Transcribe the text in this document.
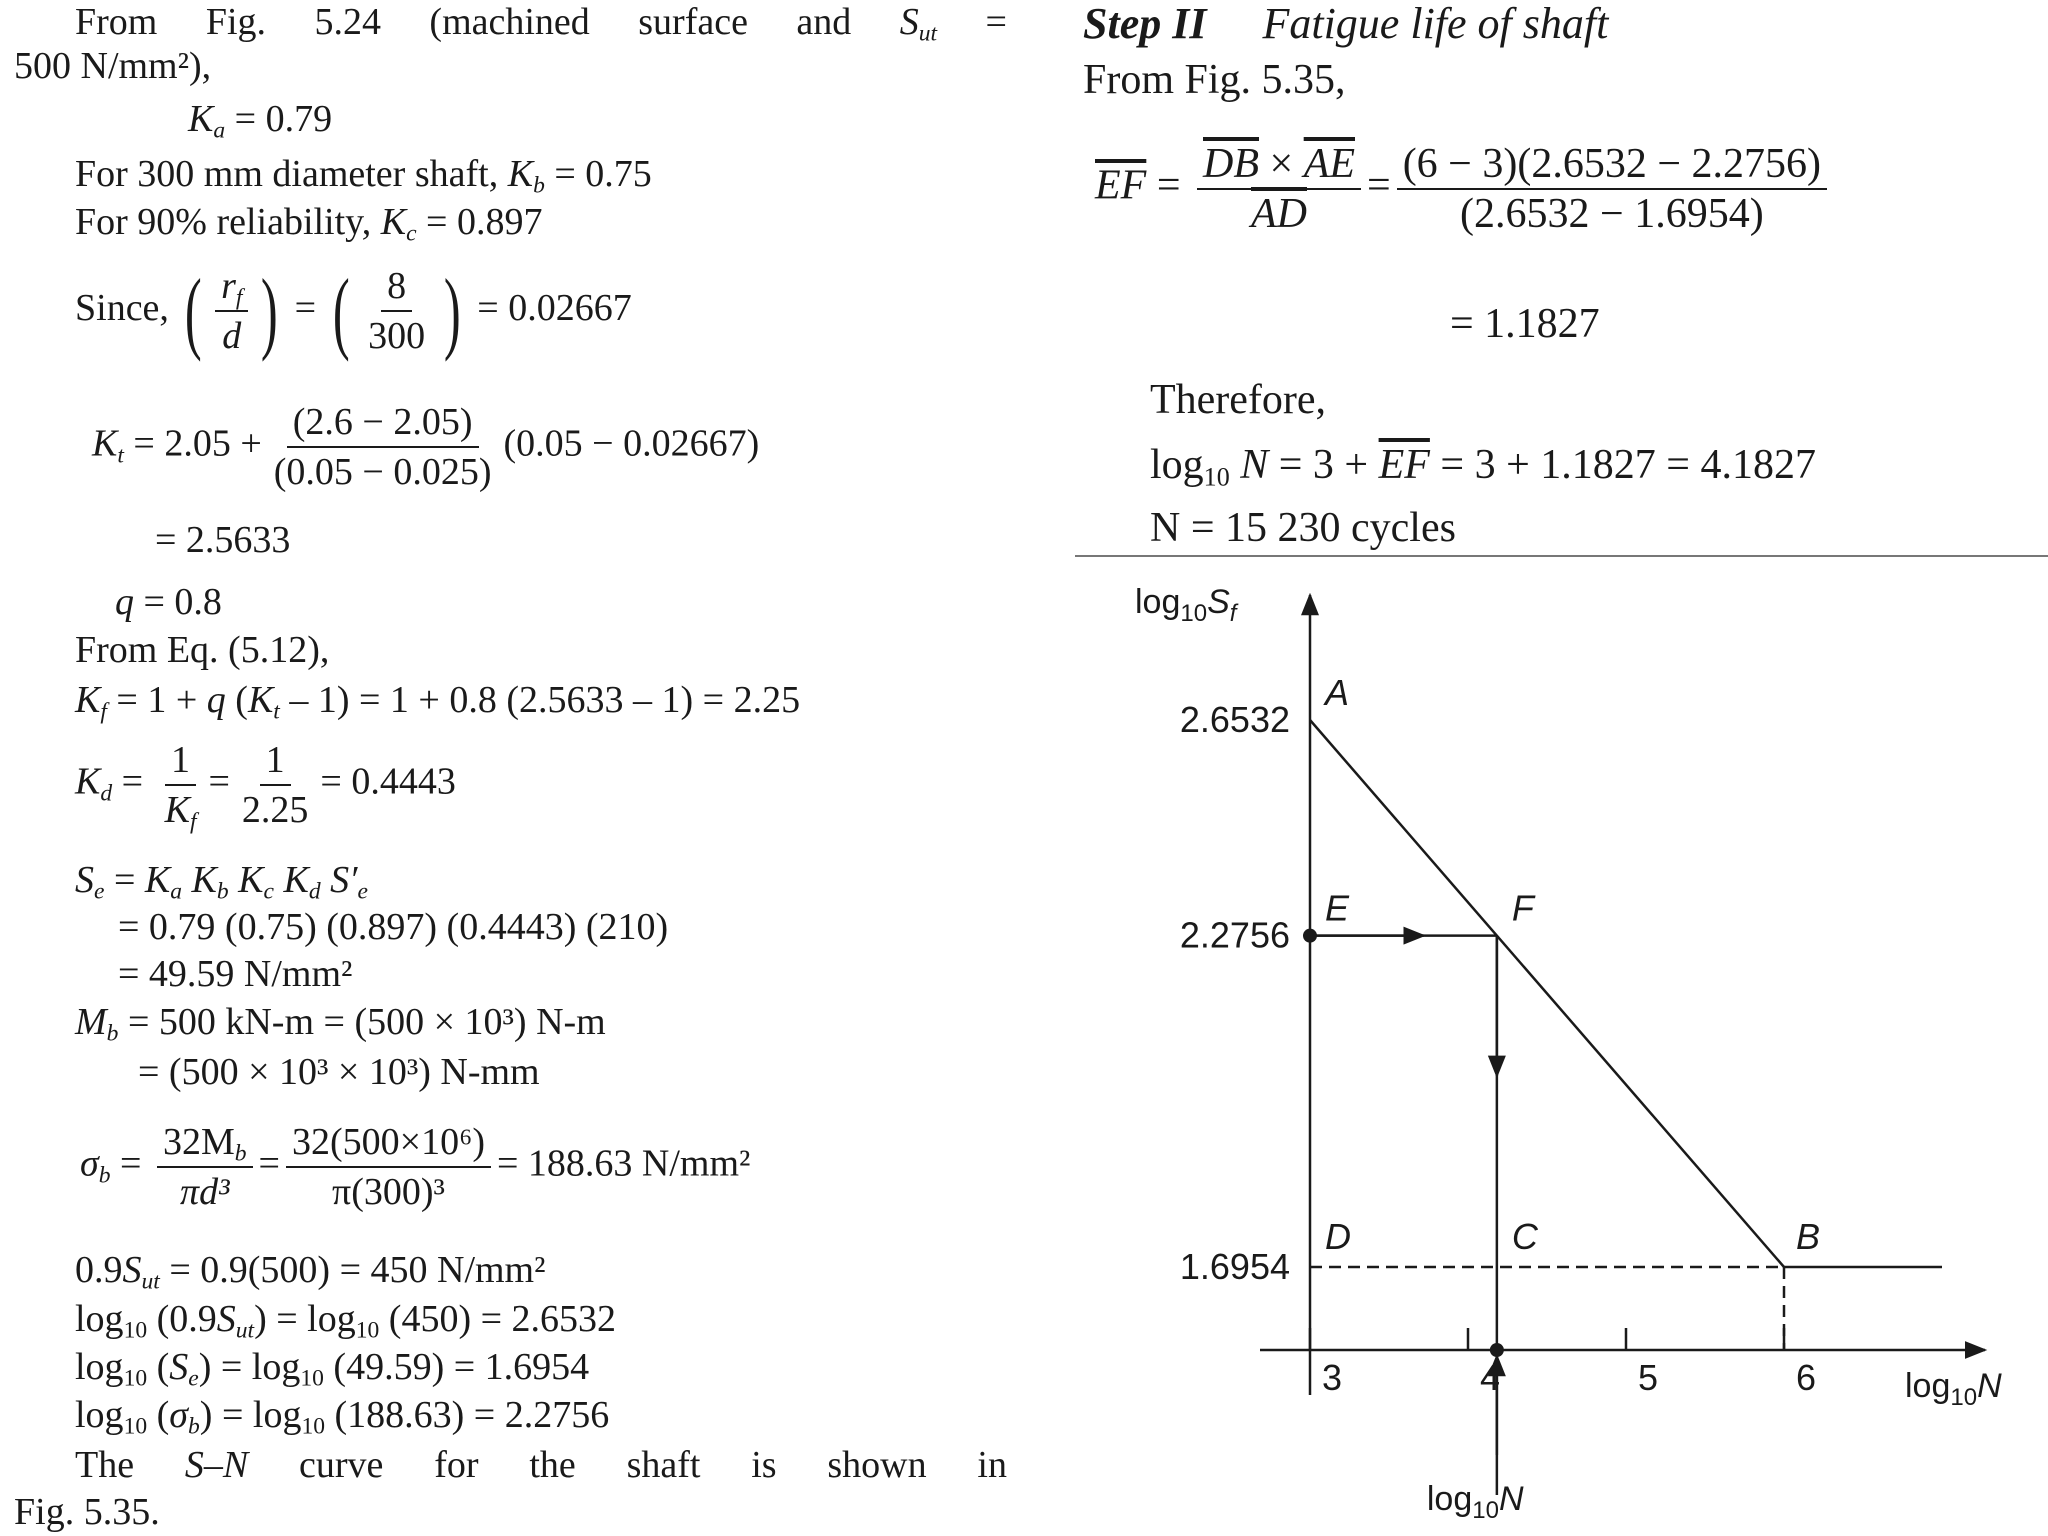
From Fig. 5.24 (machined surface and $S_{ut}$ =
500 N/mm²),
$K_a = 0.79$
For 300 mm diameter shaft, $K_b = 0.75$
For 90% reliability, $K_c = 0.897$
Since, ( $\frac{r_f}{d}$ ) = ( $\frac{8}{300}$ ) = 0.02667
$K_t = 2.05 + \frac{(2.6 - 2.05)}{(0.05 - 0.025)} (0.05 - 0.02667)$
= 2.5633
q = 0.8
From Eq. (5.12),
$K_f = 1 + q$ $(K_t - 1) = 1 + 0.8$ (2.5633 – 1) = 2.25
$K_d = \frac{1}{K_f} = \frac{1}{2.25} = 0.4443$
$S_e = K_a$ $K_b$ $K_c$ $K_d$ $S'_e$
= 0.79 (0.75) (0.897) (0.4443) (210)
= 49.59 N/mm²
$M_b = 500$ kN-m = (500 × 10³) N-m
= (500 × 10³ × 10³) N-mm
$\sigma_b = \frac{32M_b}{\text{πd³}} = \frac{\text{32(500×10⁶)}}{\text{π(300)³}} = 188.63$ N/mm²
$0.9S_{ut} = 0.9(500) = 450$ N/mm²
$\log_{10} (0.9S_{ut}) = \log_{10} (450) = 2.6532$
$\log_{10} (S_e) = \log_{10} (49.59) = 1.6954$
$\log_{10} (\sigma_b) = \log_{10} (188.63) = 2.2756$
The S–N curve for the shaft is shown in
Fig. 5.35.
Step II Fatigue life of shaft
From Fig. 5.35,
$\overline{EF} = \frac{\overline{DB} \times \overline{AE}}{AD} = \frac{(6 - 3)(2.6532 - 2.2756)}{(2.6532 - 1.6954)}$
= 1.1827
Therefore,
$\log_{10} N = 3 + \overline{EF} = 3 + 1.1827 = 4.1827$
N = 15 230 cycles
3	4	5	6
2.6532
2.2756
1.6954
$\log_{10}S_f$
$\log_{10}N$
$\log_{10}N$
A
B
C
D
E	F
